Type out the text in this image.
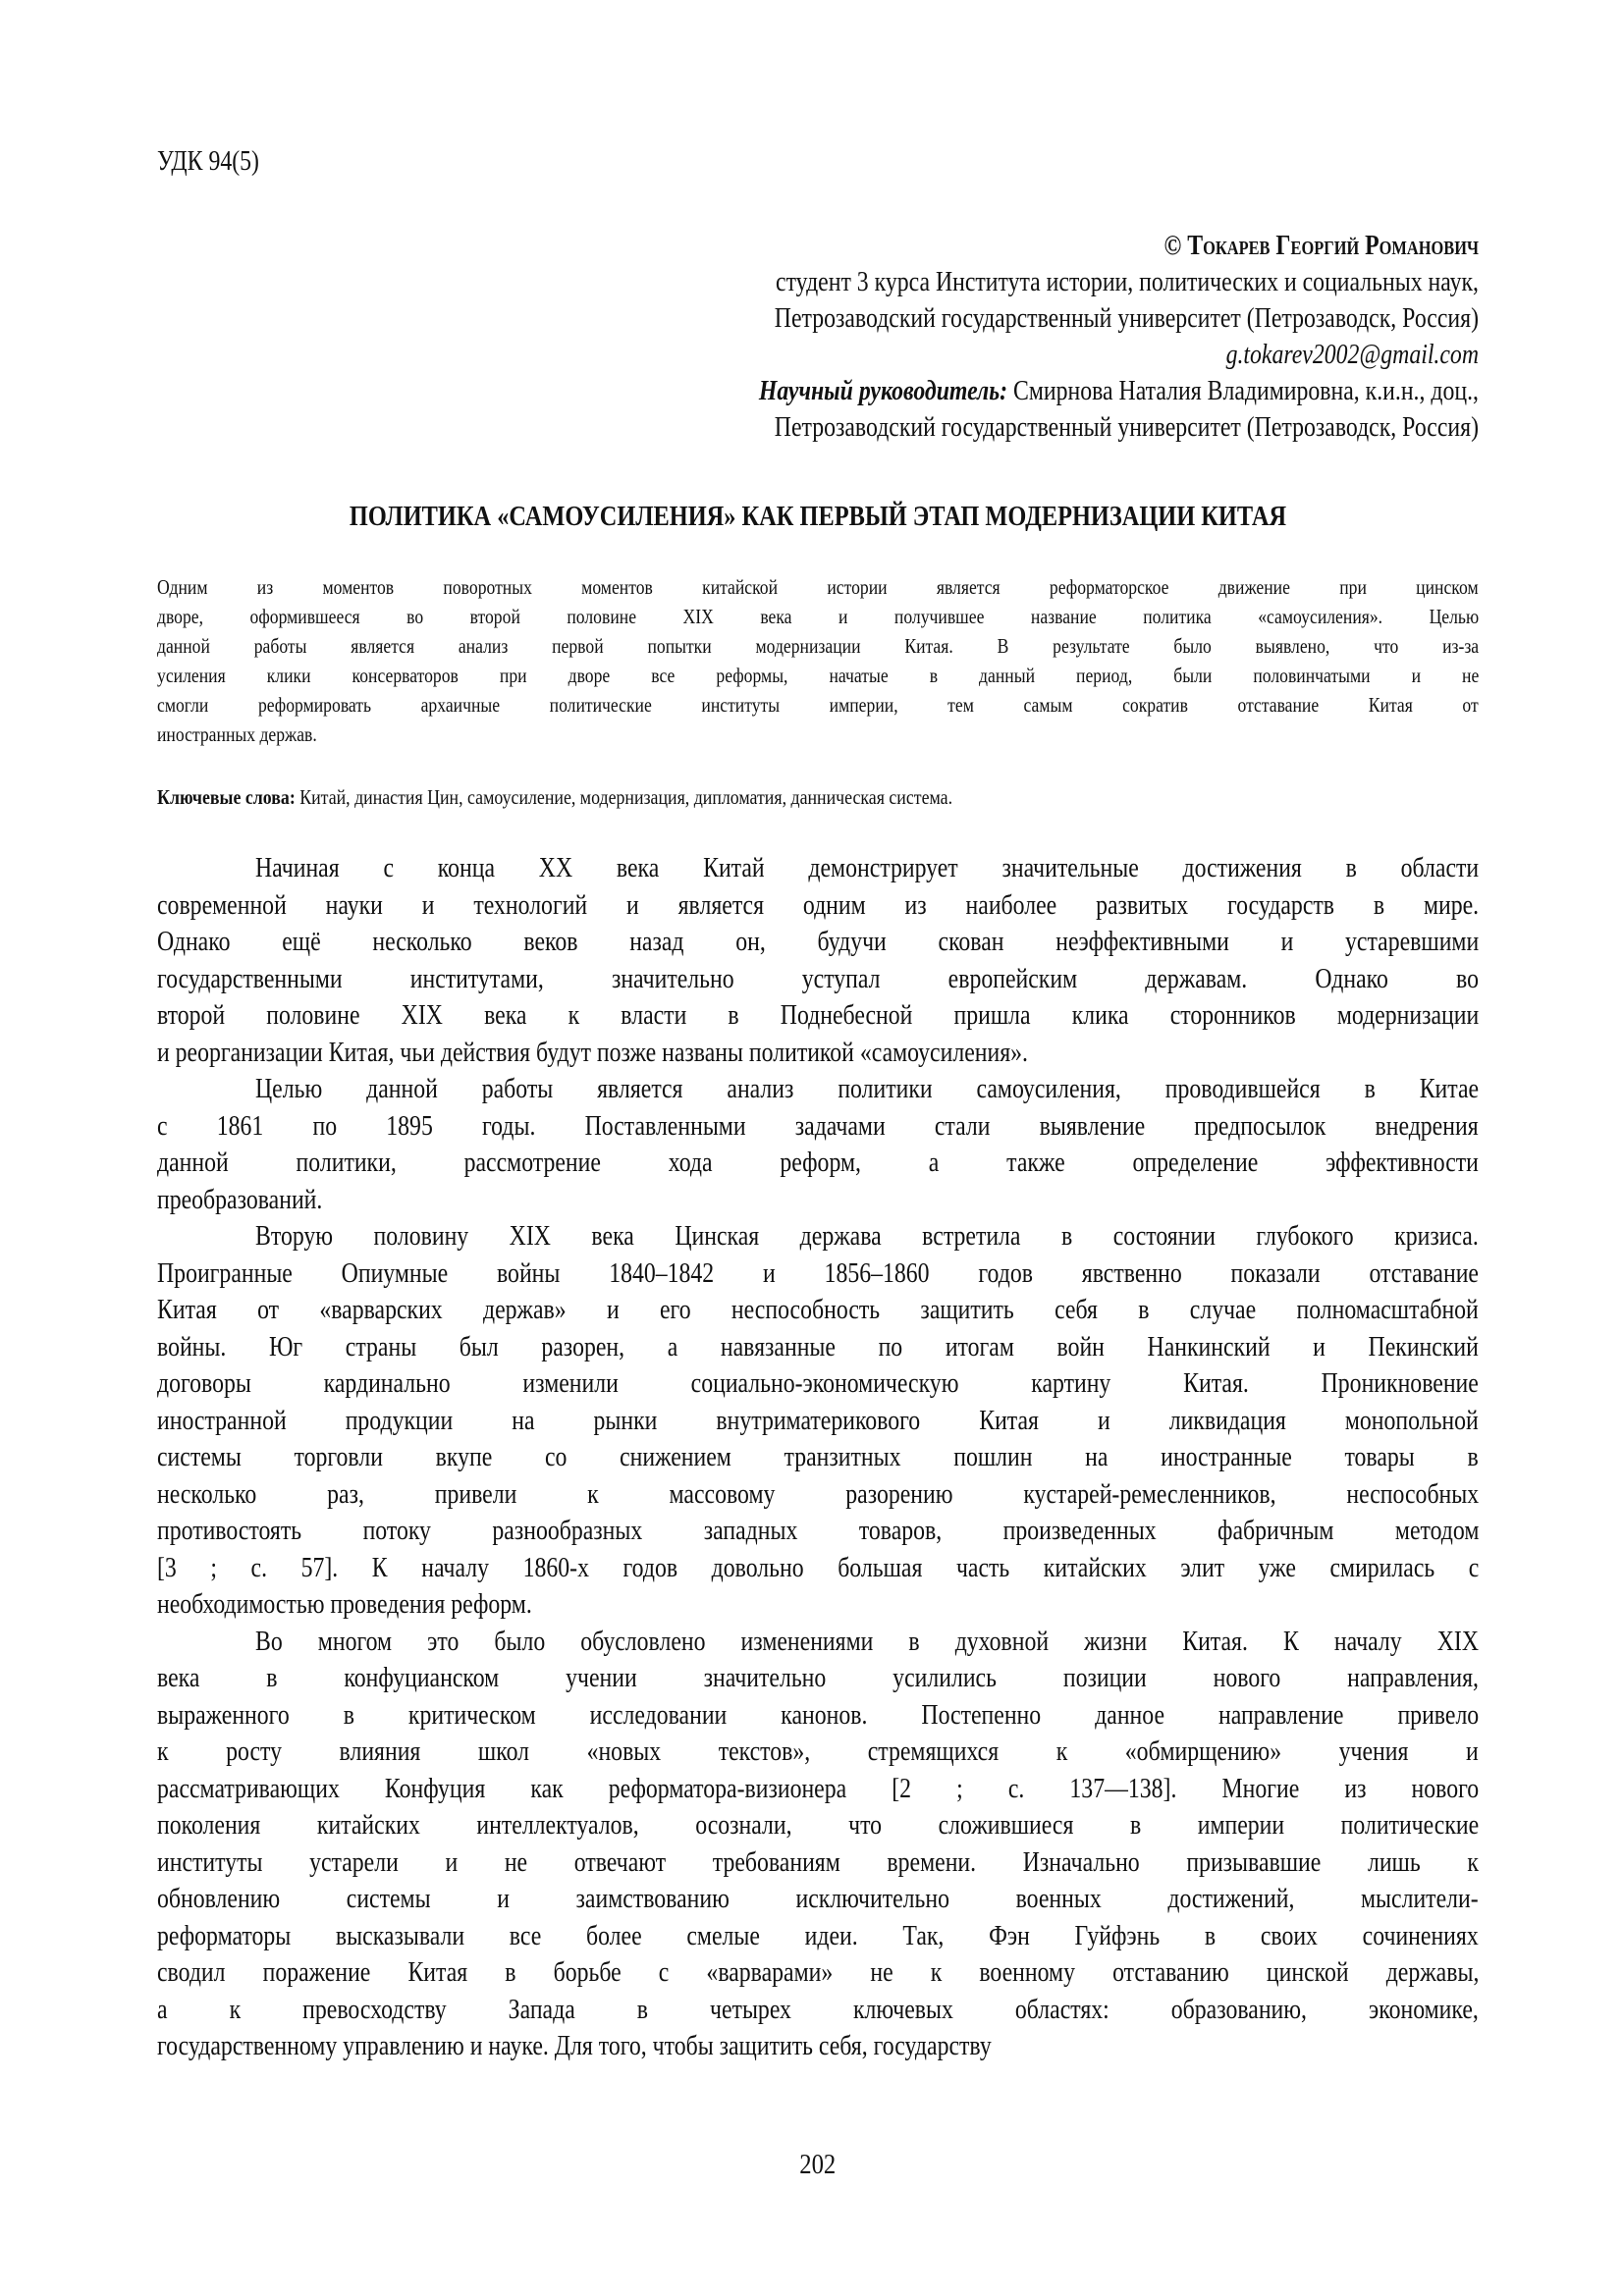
УДК 94(5)
© Токарев Георгий Романович
студент 3 курса Института истории, политических и социальных наук,
Петрозаводский государственный университет (Петрозаводск, Россия)
g.tokarev2002@gmail.com
Научный руководитель: Смирнова Наталия Владимировна, к.и.н., доц.,
Петрозаводский государственный университет (Петрозаводск, Россия)
ПОЛИТИКА «САМОУСИЛЕНИЯ» КАК ПЕРВЫЙ ЭТАП МОДЕРНИЗАЦИИ КИТАЯ
Одним из моментов поворотных моментов китайской истории является реформаторское движение при цинском
дворе, оформившееся во второй половине XIX века и получившее название политика «самоусиления». Целью
данной работы является анализ первой попытки модернизации Китая. В результате было выявлено, что из-за
усиления клики консерваторов при дворе все реформы, начатые в данный период, были половинчатыми и не
смогли реформировать архаичные политические институты империи, тем самым сократив отставание Китая от
иностранных держав.
Ключевые слова: Китай, династия Цин, самоусиление, модернизация, дипломатия, данническая система.
Начиная с конца XX века Китай демонстрирует значительные достижения в области
современной науки и технологий и является одним из наиболее развитых государств в мире.
Однако ещё несколько веков назад он, будучи скован неэффективными и устаревшими
государственными институтами, значительно уступал европейским державам. Однако во
второй половине XIX века к власти в Поднебесной пришла клика сторонников модернизации
и реорганизации Китая, чьи действия будут позже названы политикой «самоусиления».
Целью данной работы является анализ политики самоусиления, проводившейся в Китае
с 1861 по 1895 годы. Поставленными задачами стали выявление предпосылок внедрения
данной политики, рассмотрение хода реформ, а также определение эффективности
преобразований.
Вторую половину XIX века Цинская держава встретила в состоянии глубокого кризиса.
Проигранные Опиумные войны 1840–1842 и 1856–1860 годов явственно показали отставание
Китая от «варварских держав» и его неспособность защитить себя в случае полномасштабной
войны. Юг страны был разорен, а навязанные по итогам войн Нанкинский и Пекинский
договоры кардинально изменили социально-экономическую картину Китая. Проникновение
иностранной продукции на рынки внутриматерикового Китая и ликвидация монопольной
системы торговли вкупе со снижением транзитных пошлин на иностранные товары в
несколько раз, привели к массовому разорению кустарей-ремесленников, неспособных
противостоять потоку разнообразных западных товаров, произведенных фабричным методом
[3 ; с. 57]. К началу 1860-х годов довольно большая часть китайских элит уже смирилась с
необходимостью проведения реформ.
Во многом это было обусловлено изменениями в духовной жизни Китая. К началу XIX
века в конфуцианском учении значительно усилились позиции нового направления,
выраженного в критическом исследовании канонов. Постепенно данное направление привело
к росту влияния школ «новых текстов», стремящихся к «обмирщению» учения и
рассматривающих Конфуция как реформатора-визионера [2 ; с. 137—138]. Многие из нового
поколения китайских интеллектуалов, осознали, что сложившиеся в империи политические
институты устарели и не отвечают требованиям времени. Изначально призывавшие лишь к
обновлению системы и заимствованию исключительно военных достижений, мыслители-
реформаторы высказывали все более смелые идеи. Так, Фэн Гуйфэнь в своих сочинениях
сводил поражение Китая в борьбе с «варварами» не к военному отставанию цинской державы,
а к превосходству Запада в четырех ключевых областях: образованию, экономике,
государственному управлению и науке. Для того, чтобы защитить себя, государству
202
